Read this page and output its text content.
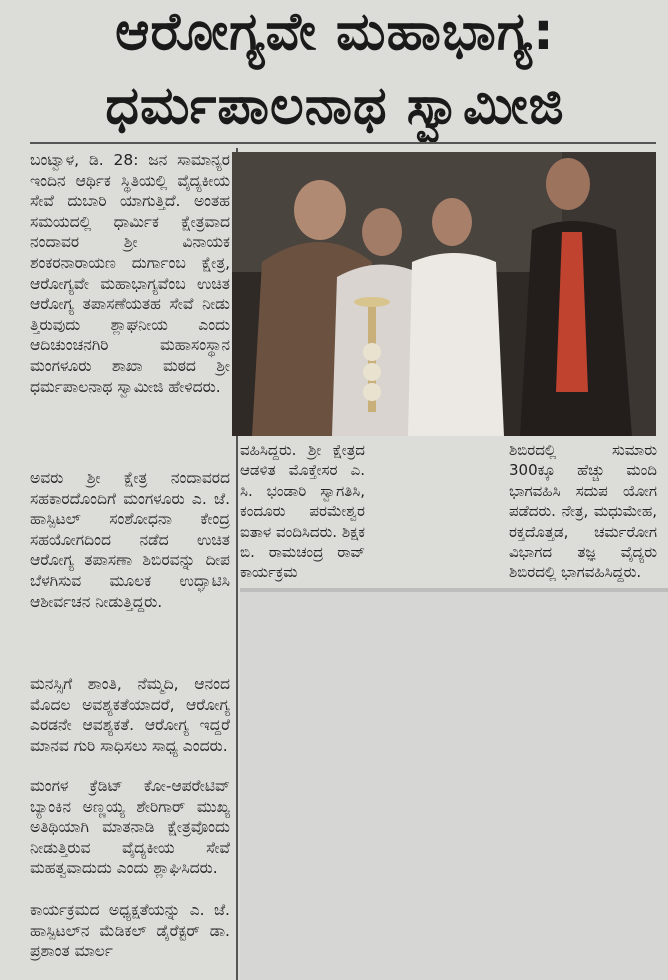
ಆರೋಗ್ಯವೇ ಮಹಾಭಾಗ್ಯ:
ಧರ್ಮಪಾಲನಾಥ ಸ್ವಾಮೀಜಿ
ಬಂಟ್ವಾಳ, ಡಿ. 28: ಜನ ಸಾಮಾನ್ಯರ ಇಂದಿನ ಆರ್ಥಿಕ ಸ್ಥಿತಿಯಲ್ಲಿ ವೈದ್ಯಕೀಯ ಸೇವೆ ದುಬಾರಿ ಯಾಗುತ್ತಿದೆ. ಅಂತಹ ಸಮಯದಲ್ಲಿ ಧಾರ್ಮಿಕ ಕ್ಷೇತ್ರವಾದ ನಂದಾವರ ಶ್ರೀ ವಿನಾಯಕ ಶಂಕರನಾರಾಯಣ ದುರ್ಗಾಂಬ ಕ್ಷೇತ್ರ, ಆರೋಗ್ಯವೇ ಮಹಾಭಾಗ್ಯವೆಂಬ ಉಚಿತ ಆರೋಗ್ಯ ತಪಾಸಣೆಯತಹ ಸೇವೆ ನೀಡು ತ್ತಿರುವುದು ಶ್ಲಾಘನೀಯ ಎಂದು ಆದಿಚುಂಚನಗಿರಿ ಮಹಾಸಂಸ್ಥಾನ ಮಂಗಳೂರು ಶಾಖಾ ಮಠದ ಶ್ರೀ ಧರ್ಮಪಾಲನಾಥ ಸ್ವಾಮೀಜಿ ಹೇಳಿದರು.
ಅವರು ಶ್ರೀ ಕ್ಷೇತ್ರ ನಂದಾವರದ ಸಹಕಾರದೊಂದಿಗೆ ಮಂಗಳೂರು ಎ. ಜೆ. ಹಾಸ್ಪಿಟಲ್ ಸಂಶೋಧನಾ ಕೇಂದ್ರ ಸಹಯೋಗದಿಂದ ನಡೆದ ಉಚಿತ ಆರೋಗ್ಯ ತಪಾಸಣಾ ಶಿಬಿರವನ್ನು ದೀಪ ಬೆಳಗಿಸುವ ಮೂಲಕ ಉದ್ಘಾಟಿಸಿ ಆಶೀರ್ವಚನ ನೀಡುತ್ತಿದ್ದರು.
ಮನಸ್ಸಿಗೆ ಶಾಂತಿ, ನೆಮ್ಮದಿ, ಆನಂದ ಮೊದಲ ಅವಶ್ಯಕತೆಯಾದರೆ, ಆರೋಗ್ಯ ಎರಡನೇ ಆವಶ್ಯಕತೆ. ಆರೋಗ್ಯ ಇದ್ದರೆ ಮಾನವ ಗುರಿ ಸಾಧಿಸಲು ಸಾಧ್ಯ ಎಂದರು.
ಮಂಗಳ ಕ್ರೆಡಿಟ್ ಕೋ-ಆಪರೇಟಿವ್ ಬ್ಯಾಂಕಿನ ಅಣ್ಣಯ್ಯ ಶೇರಿಗಾರ್ ಮುಖ್ಯ ಅತಿಥಿಯಾಗಿ ಮಾತನಾಡಿ ಕ್ಷೇತ್ರವೊಂದು ನೀಡುತ್ತಿರುವ ವೈದ್ಯಕೀಯ ಸೇವೆ ಮಹತ್ವವಾದುದು ಎಂದು ಶ್ಲಾಘಿಸಿದರು.
ಕಾರ್ಯಕ್ರಮದ ಅಧ್ಯಕ್ಷತೆಯನ್ನು ಎ. ಜೆ. ಹಾಸ್ಪಿಟಲ್‌ನ ಮೆಡಿಕಲ್ ಡೈರೆಕ್ಟರ್ ಡಾ. ಪ್ರಶಾಂತ ಮಾರ್ಲ
ವಹಿಸಿದ್ದರು. ಶ್ರೀ ಕ್ಷೇತ್ರದ ಆಡಳಿತ ಮೊಕ್ತೇಸರ ಎ. ಸಿ. ಭಂಡಾರಿ ಸ್ವಾಗತಿಸಿ, ಕಂದೂರು ಪರಮೇಶ್ವರ ಐತಾಳ ವಂದಿಸಿದರು. ಶಿಕ್ಷಕ ಬಿ. ರಾಮಚಂದ್ರ ರಾವ್ ಕಾರ್ಯಕ್ರಮ
ಶಿಬಿರದಲ್ಲಿ ಸುಮಾರು 300ಕ್ಕೂ ಹೆಚ್ಚು ಮಂದಿ ಭಾಗವಹಿಸಿ ಸದುಪ ಯೋಗ ಪಡೆದರು. ನೇತ್ರ, ಮಧುಮೇಹ, ರಕ್ತದೊತ್ತಡ, ಚರ್ಮರೋಗ ವಿಭಾಗದ ತಜ್ಞ ವೈದ್ಯರು ಶಿಬಿರದಲ್ಲಿ ಭಾಗವಹಿಸಿದ್ದರು.
